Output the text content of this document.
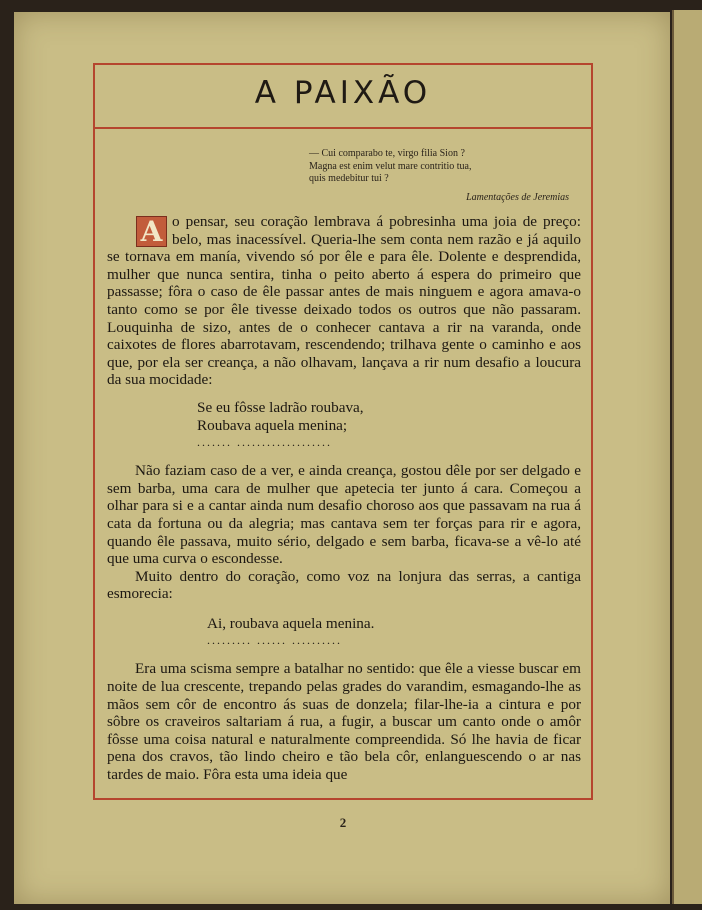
A PAIXÃO
— Cui comparabo te, virgo filia Sion ?
Magna est enim velut mare contritio tua,
quis medebitur tui ?
Lamentações de Jeremias

A o pensar, seu coração lembrava á pobresinha uma joia de preço: belo, mas inacessível. Queria-lhe sem conta nem razão e já aquilo se tornava em manía, vivendo só por êle e para êle. Dolente e desprendida, mulher que nunca sentira, tinha o peito aberto á espera do primeiro que passasse; fôra o caso de êle passar antes de mais ninguem e agora amava-o tanto como se por êle tivesse deixado todos os outros que não passaram. Louquinha de sizo, antes de o conhecer cantava a rir na varanda, onde caixotes de flores abarrotavam, rescendendo; trilhava gente o caminho e aos que, por ela ser creança, a não olhavam, lançava a rir num desafio a loucura da sua mocidade:

Se eu fôsse ladrão roubava,
Roubava aquela menina;
....... ...................

Não faziam caso de a ver, e ainda creança, gostou dêle por ser delgado e sem barba, uma cara de mulher que apetecia ter junto á cara. Começou a olhar para si e a cantar ainda num desafio choroso aos que passavam na rua á cata da fortuna ou da alegria; mas cantava sem ter forças para rir e agora, quando êle passava, muito sério, delgado e sem barba, ficava-se a vê-lo até que uma curva o escondesse.

Muito dentro do coração, como voz na lonjura das serras, a cantiga esmorecia:

Ai, roubava aquela menina.
......... ...... ..........

Era uma scisma sempre a batalhar no sentido: que êle a viesse buscar em noite de lua crescente, trepando pelas grades do varandim, esmagando-lhe as mãos sem côr de encontro ás suas de donzela; filar-lhe-ia a cintura e por sôbre os craveiros saltariam á rua, a fugir, a buscar um canto onde o amôr fôsse uma coisa natural e naturalmente compreendida. Só lhe havia de ficar pena dos cravos, tão lindo cheiro e tão bela côr, enlanguescendo o ar nas tardes de maio. Fôra esta uma ideia que

2
